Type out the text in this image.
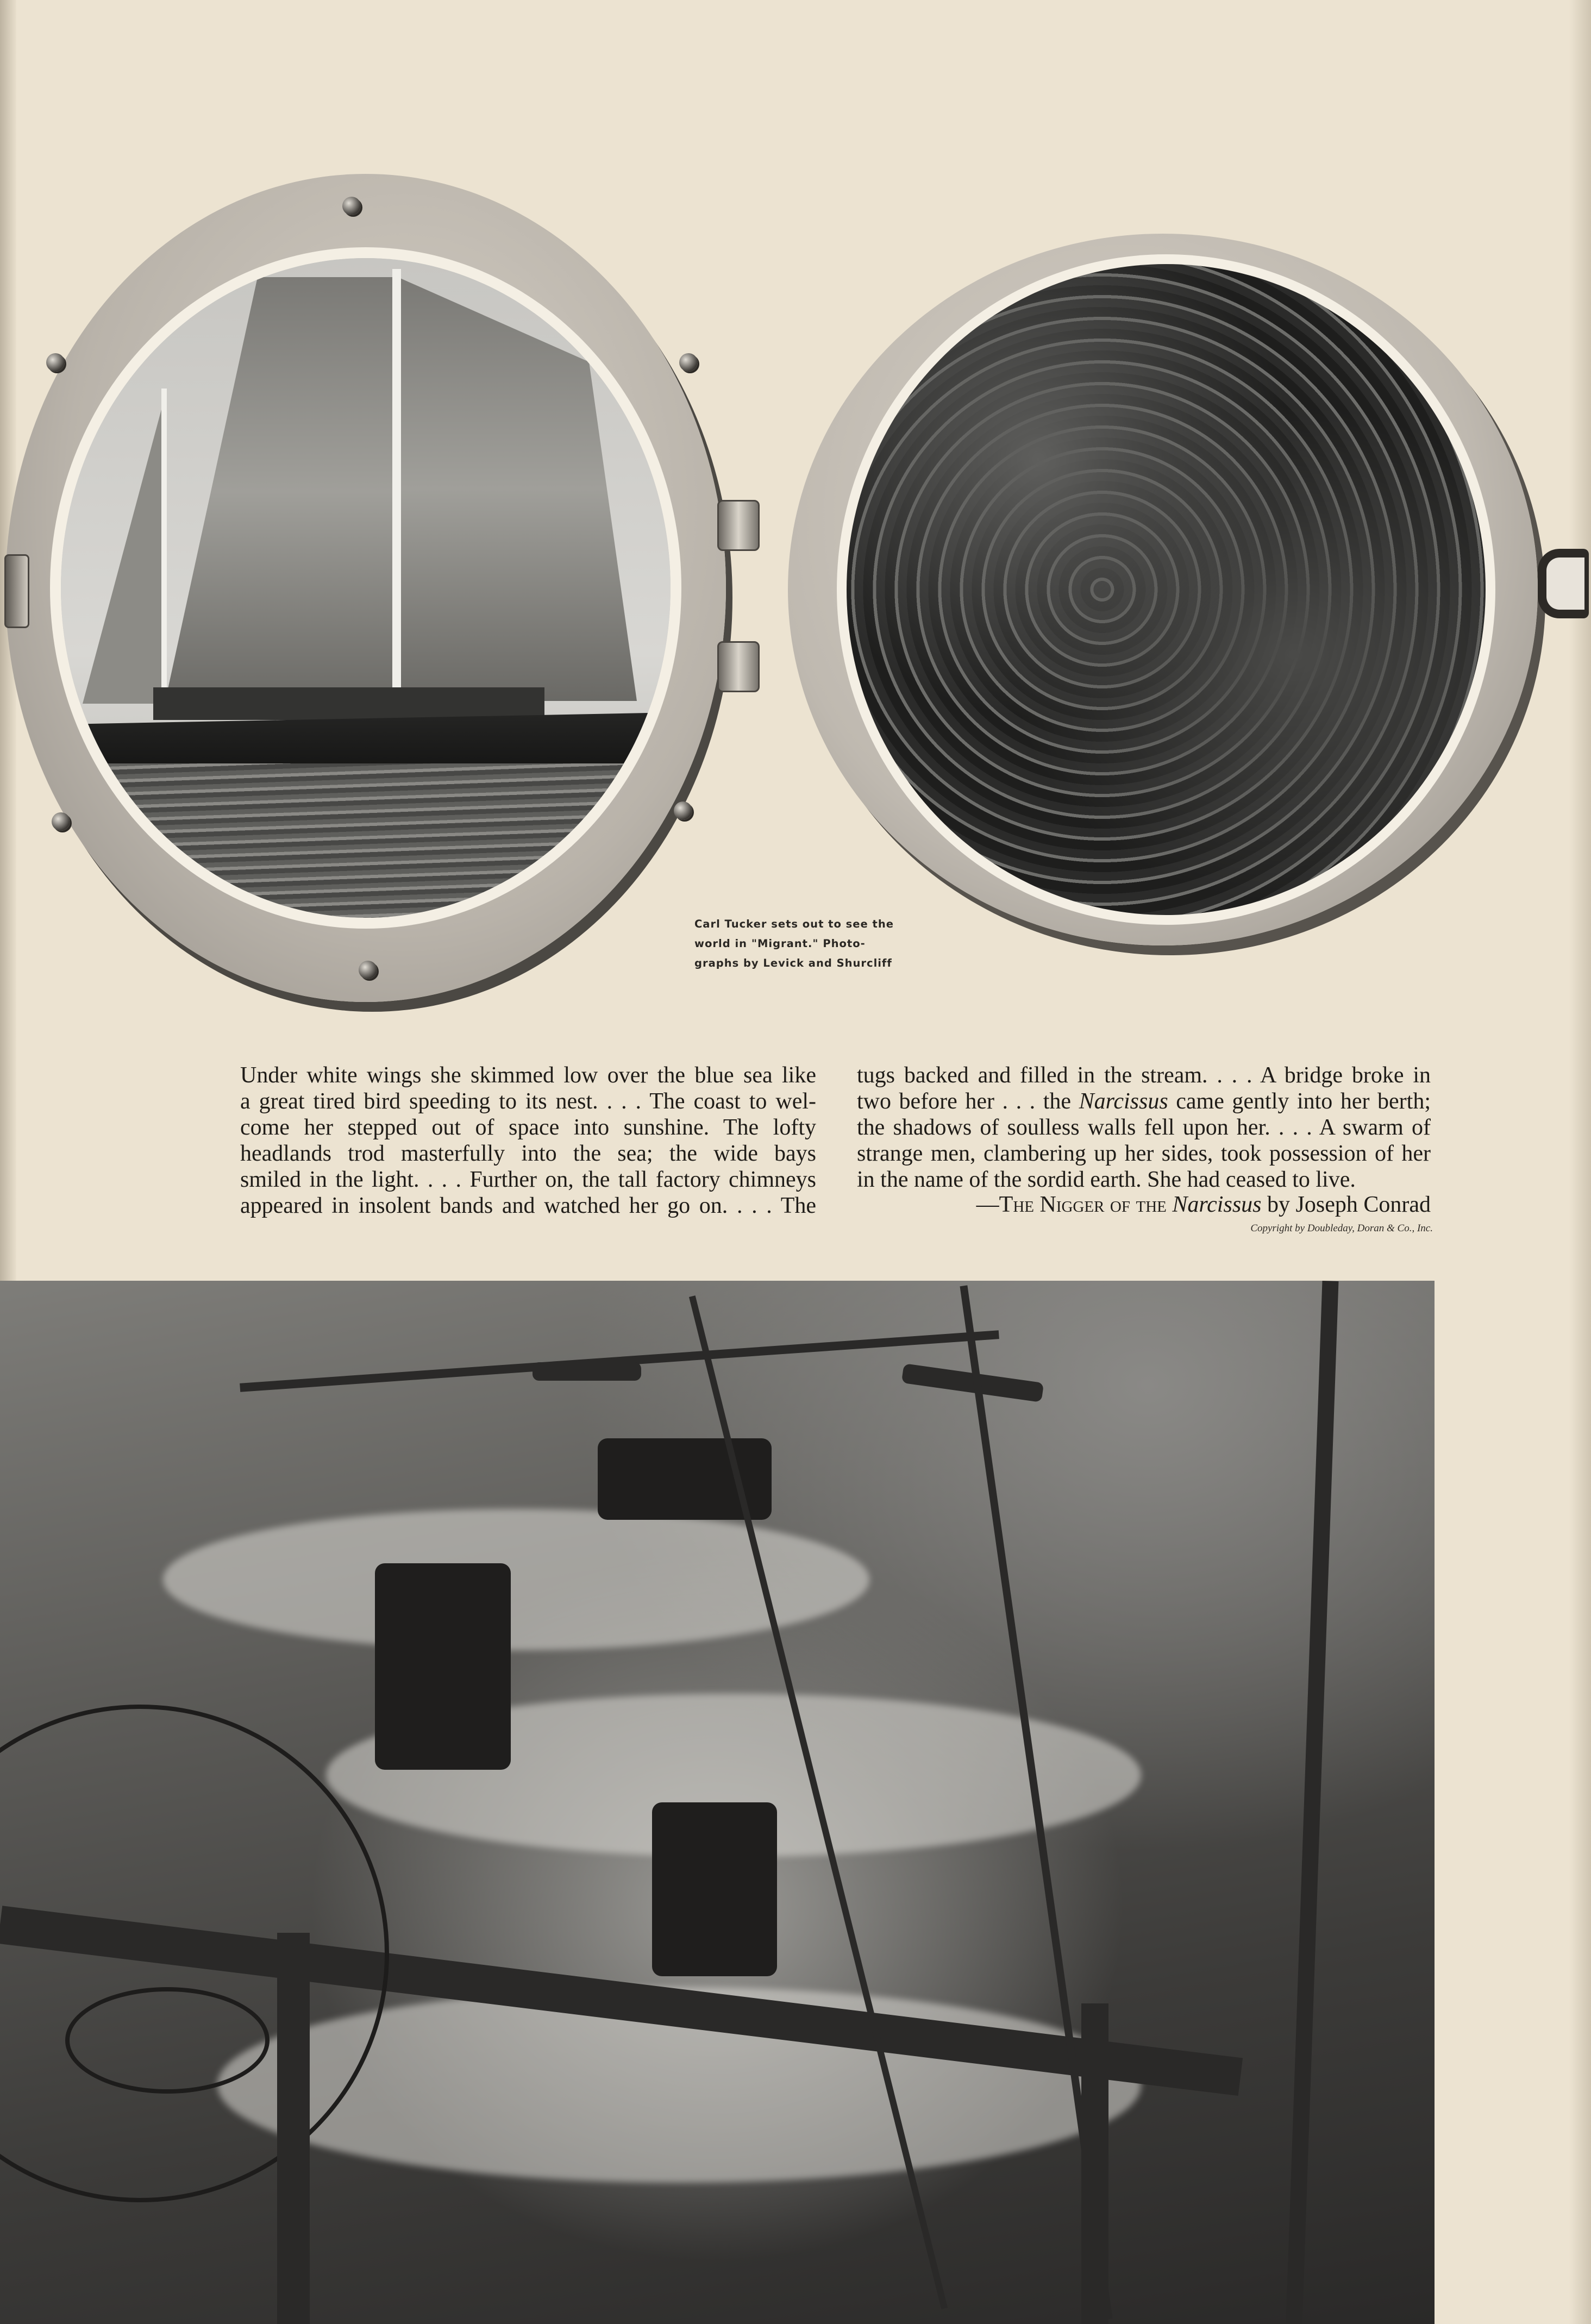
Carl Tucker sets out to see the
world in "Migrant." Photo-
graphs by Levick and Shurcliff
Under white wings she skimmed low over the blue sea like
a great tired bird speeding to its nest. . . . The coast to wel-
come her stepped out of space into sunshine. The lofty
headlands trod masterfully into the sea; the wide bays
smiled in the light. . . . Further on, the tall factory chimneys
appeared in insolent bands and watched her go on. . . . The
tugs backed and filled in the stream. . . . A bridge broke in
two before her . . . the Narcissus came gently into her berth;
the shadows of soulless walls fell upon her. . . . A swarm of
strange men, clambering up her sides, took possession of her
in the name of the sordid earth. She had ceased to live.
—The Nigger of the Narcissus by Joseph Conrad
Copyright by Doubleday, Doran & Co., Inc.
